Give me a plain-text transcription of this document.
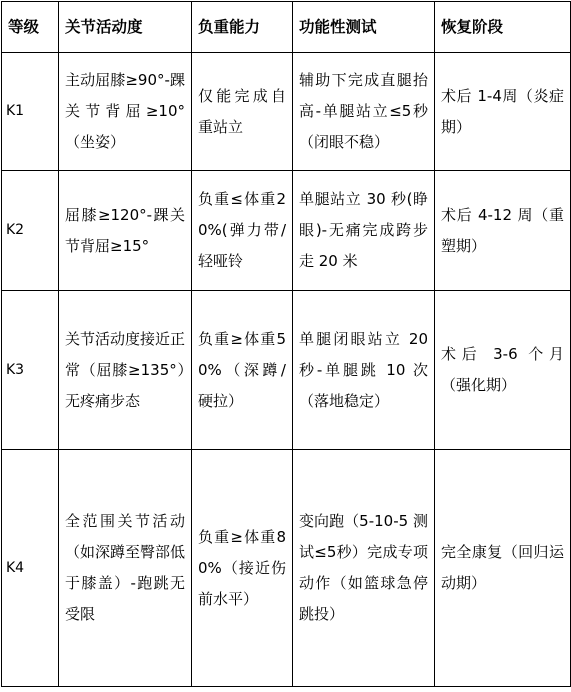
等级	关节活动度	负重能力	功能性测试	恢复阶段
K1	主动屈膝≥90°-踝关节背屈≥10°（坐姿）	仅能完成自重站立	辅助下完成直腿抬高-单腿站立≤5秒（闭眼不稳）	术后 1-4周（炎症期）
K2	屈膝≥120°-踝关节背屈≥15°	负重≤体重20%(弹力带/轻哑铃	单腿站立 30 秒(睁眼)-无痛完成跨步走 20 米	术后 4-12 周（重塑期）
K3	关节活动度接近正常（屈膝≥135°）无疼痛步态	负重≥体重50%（深蹲/硬拉）	单腿闭眼站立 20 秒-单腿跳 10 次（落地稳定）	术后 3-6 个月（强化期）
K4	全范围关节活动（如深蹲至臀部低于膝盖）-跑跳无受限	负重≥体重80%（接近伤前水平）	变向跑（5-10-5 测试≤5秒）完成专项动作（如篮球急停跳投）	完全康复（回归运动期）
